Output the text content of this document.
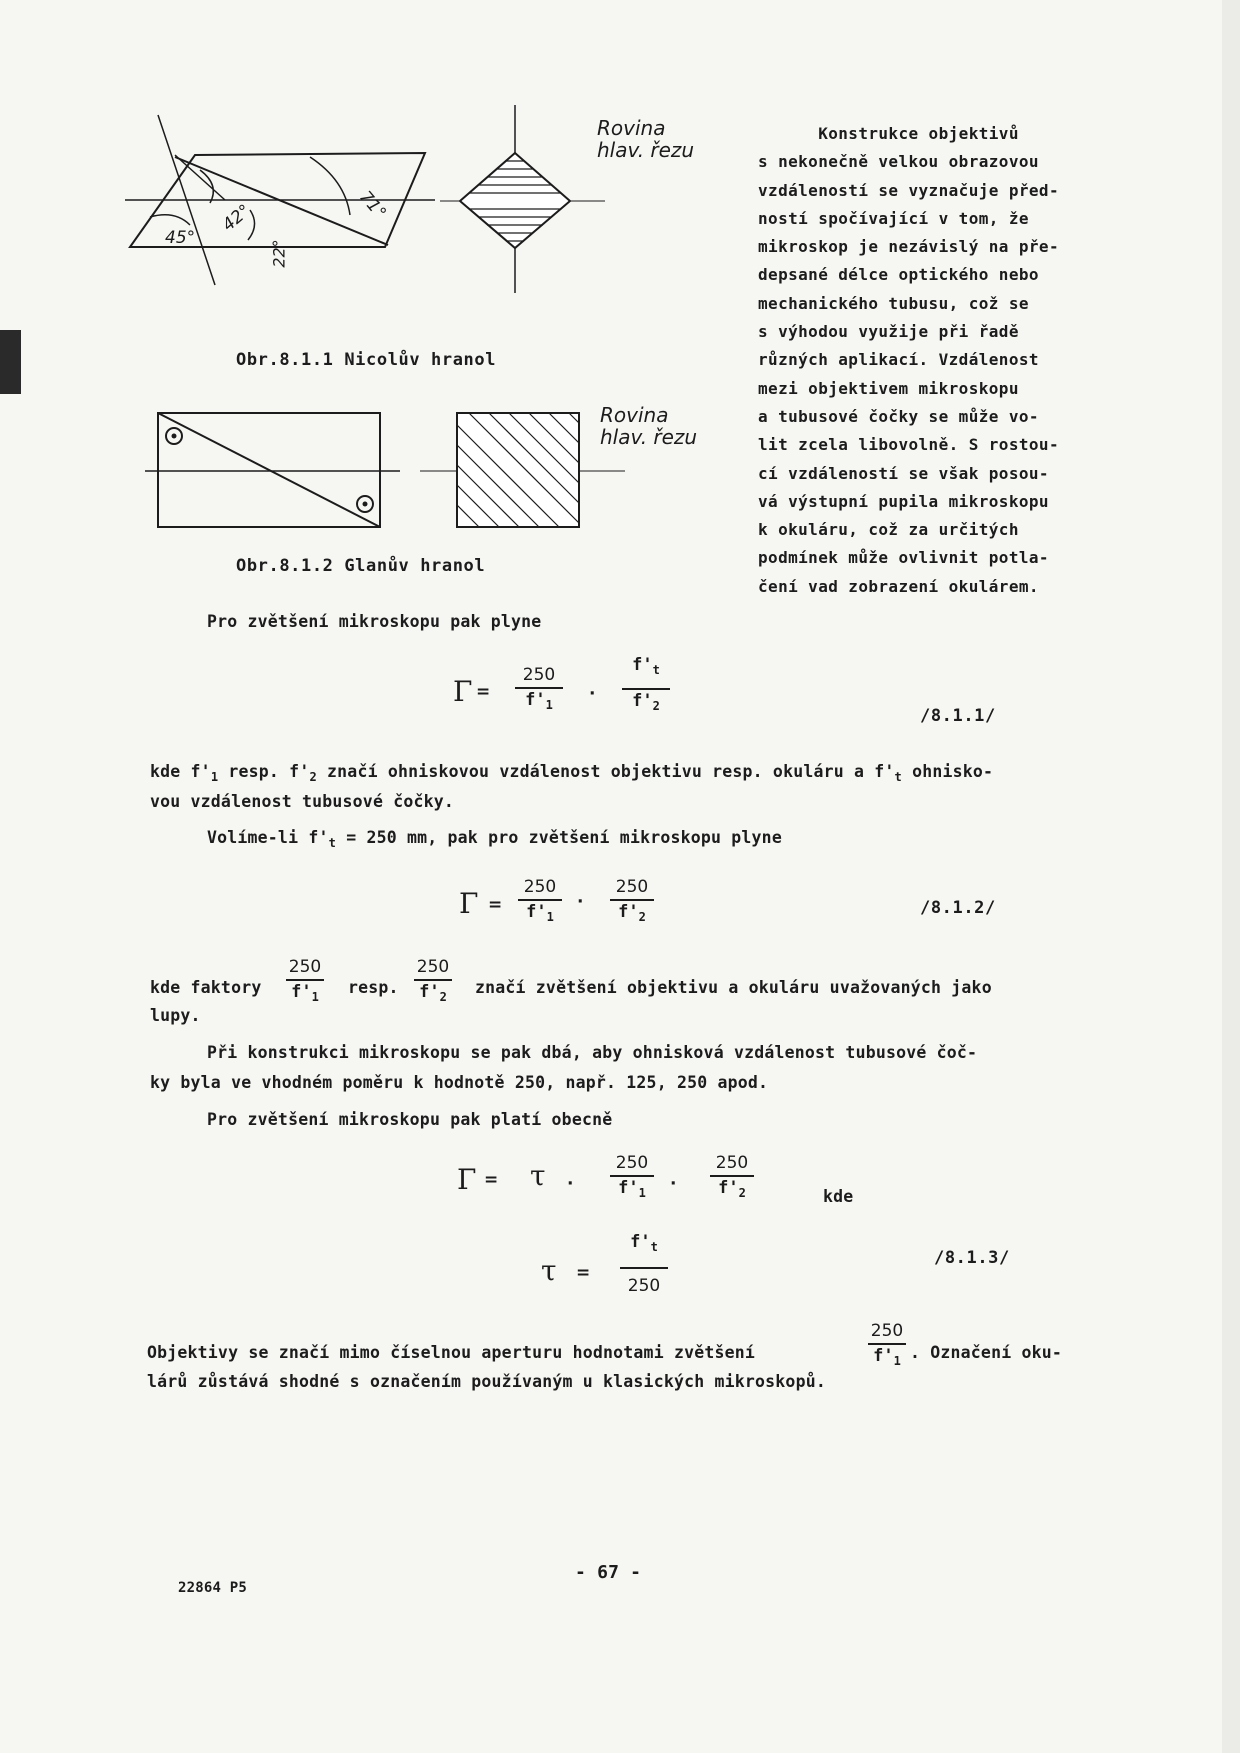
45°
42°
22°
71°
Rovina
hlav. řezu
Obr.8.1.1 Nicolův hranol
Rovina
hlav. řezu
Obr.8.1.2 Glanův hranol
Konstrukce objektivů
s nekonečně velkou obrazovou
vzdáleností se vyznačuje před-
ností spočívající v tom, že
mikroskop je nezávislý na pře-
depsané délce optického nebo
mechanického tubusu, což se
s výhodou využije při řadě
různých aplikací. Vzdálenost
mezi objektivem mikroskopu
a tubusové čočky se může vo-
lit zcela libovolně. S rostou-
cí vzdáleností se však posou-
vá výstupní pupila mikroskopu
k okuláru, což za určitých
podmínek může ovlivnit potla-
čení vad zobrazení okulárem.
Pro zvětšení mikroskopu pak plyne
Γ =
250
$f'_1$
·
$f'_t$
$f'_2$	/8.1.1/
kde $f'_1$ resp. $f'_2$ značí ohniskovou vzdálenost objektivu resp. okuláru a $f'_t$ ohnisko-
vou vzdálenost tubusové čočky.
Volíme-li $f'_t = 250$ mm, pak pro zvětšení mikroskopu plyne
Γ =
250
$f'_1$
·
250
$f'_2$	/8.1.2/
kde faktory
250
$f'_1$	resp.
250
$f'_2$	značí zvětšení objektivu a okuláru uvažovaných jako
lupy.
Při konstrukci mikroskopu se pak dbá, aby ohnisková vzdálenost tubusové čoč-
ky byla ve vhodném poměru k hodnotě 250, např. 125, 250 apod.
Pro zvětšení mikroskopu pak platí obecně
Γ = τ ·
250
$f'_1$	·
250
$f'_2$	kde
τ =
$f'_t$
250
/8.1.3/
Objektivy se značí mimo číselnou aperturu hodnotami zvětšení
250
$f'_1$ . Označení oku-
lárů zůstává shodné s označením používaným u klasických mikroskopů.
- 67 -
22864 P5
